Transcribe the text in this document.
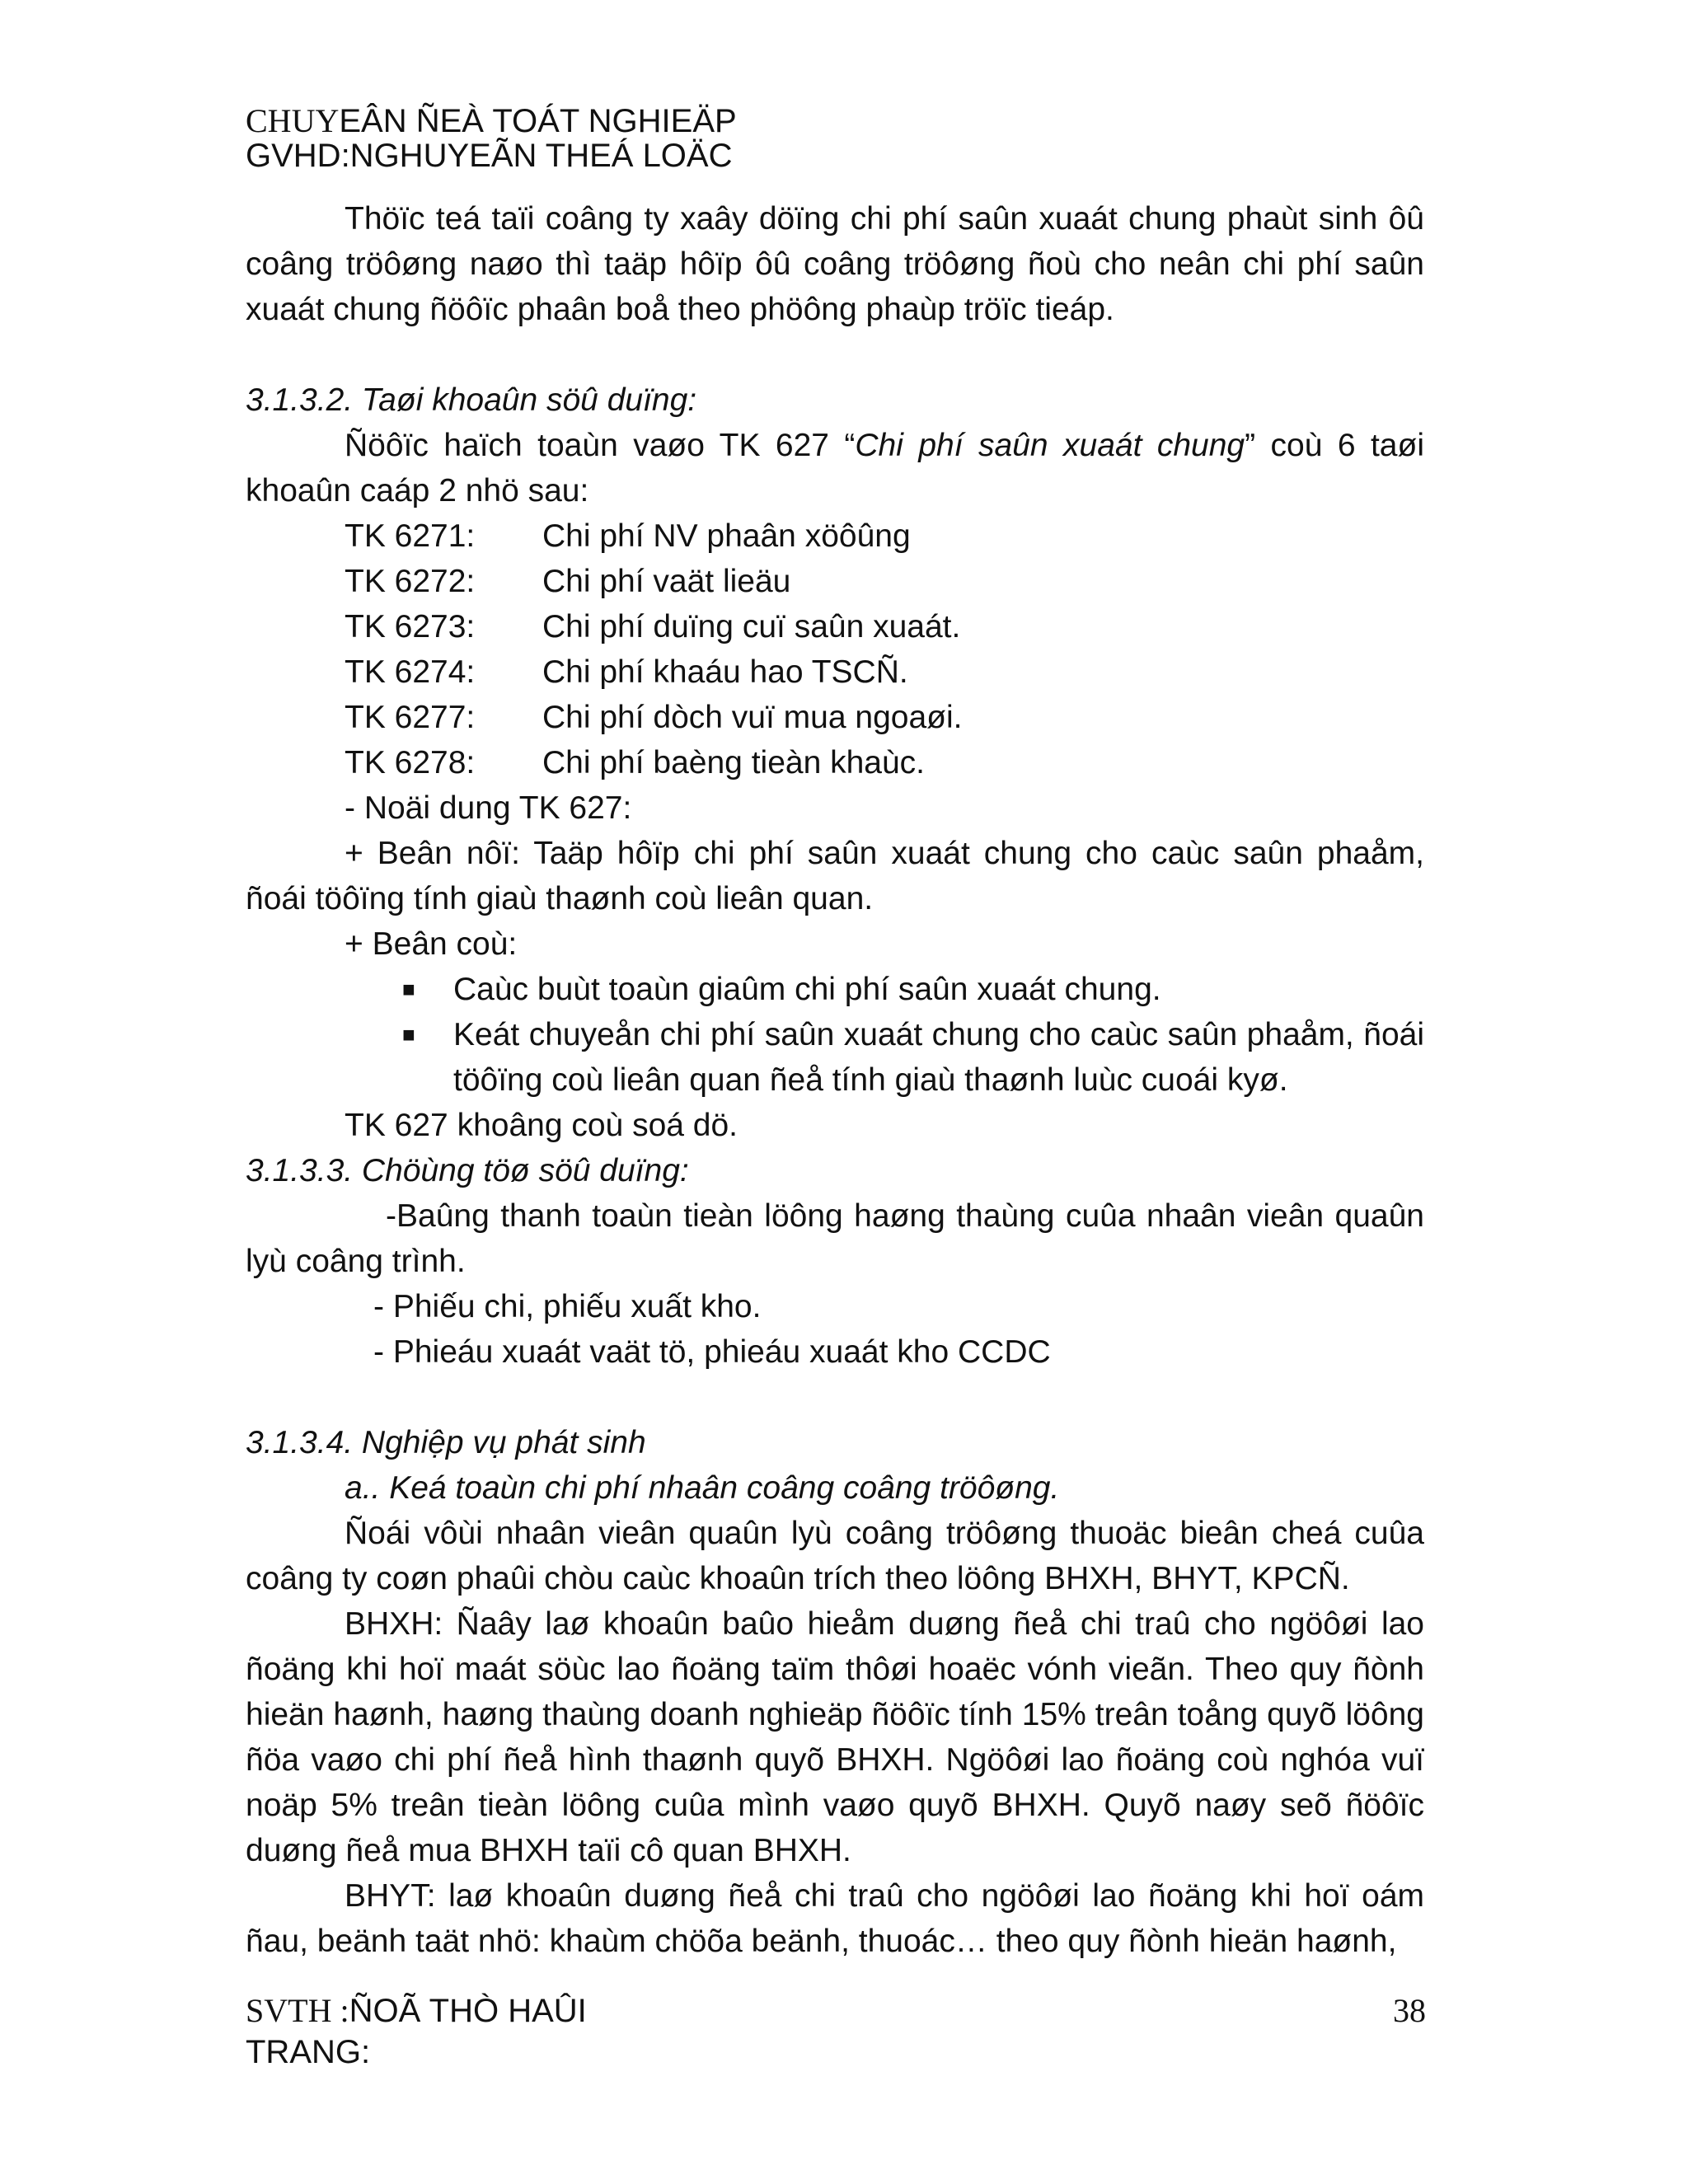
CHUYEÂN ÑEÀ TOÁT NGHIEÄP
GVHD:NGHUYEÃN THEÁ LOÄC

Thöïc teá taïi coâng ty xaây döïng chi phí saûn xuaát chung phaùt sinh ôû coâng tröôøng naøo thì taäp hôïp ôû coâng tröôøng ñoù cho neân chi phí saûn xuaát chung ñöôïc phaân boå theo phöông phaùp tröïc tieáp.

3.1.3.2. Taøi khoaûn söû duïng:

Ñöôïc haïch toaùn vaøo TK 627 “Chi phí saûn xuaát chung” coù 6 taøi khoaûn caáp 2 nhö sau:

TK 6271:	Chi phí NV phaân xöôûng
TK 6272:	Chi phí vaät lieäu
TK 6273:	Chi phí duïng cuï saûn xuaát.
TK 6274:	Chi phí khaáu hao TSCÑ.
TK 6277:	Chi phí dòch vuï mua ngoaøi.
TK 6278:	Chi phí baèng tieàn khaùc.

- Noäi dung TK 627:

+ Beân nôï: Taäp hôïp chi phí saûn xuaát chung cho caùc saûn phaåm, ñoái töôïng tính giaù thaønh coù lieân quan.

+ Beân coù:

■	Caùc buùt toaùn giaûm chi phí saûn xuaát chung.
■	Keát chuyeån chi phí saûn xuaát chung cho caùc saûn phaåm, ñoái töôïng coù lieân quan ñeå tính giaù thaønh luùc cuoái kyø.

TK 627 khoâng coù soá dö.

3.1.3.3. Chöùng töø söû duïng:

-Baûng thanh toaùn tieàn löông haøng thaùng cuûa nhaân vieân quaûn lyù coâng trình.

- Phiếu chi, phiếu xuất kho.

- Phieáu xuaát vaät tö, phieáu xuaát kho CCDC

3.1.3.4. Nghiệp vụ phát sinh

a.. Keá toaùn chi phí nhaân coâng coâng tröôøng.

Ñoái vôùi nhaân vieân quaûn lyù coâng tröôøng thuoäc bieân cheá cuûa coâng ty coøn phaûi chòu caùc khoaûn trích theo löông BHXH, BHYT, KPCÑ.

BHXH: Ñaây laø khoaûn baûo hieåm duøng ñeå chi traû cho ngöôøi lao ñoäng khi hoï maát söùc lao ñoäng taïm thôøi hoaëc vónh vieãn. Theo quy ñònh hieän haønh, haøng thaùng doanh nghieäp ñöôïc tính 15% treân toång quyõ löông ñöa vaøo chi phí ñeå hình thaønh quyõ BHXH. Ngöôøi lao ñoäng coù nghóa vuï noäp 5% treân tieàn löông cuûa mình vaøo quyõ BHXH. Quyõ naøy seõ ñöôïc duøng ñeå mua BHXH taïi cô quan BHXH.

BHYT: laø khoaûn duøng ñeå chi traû cho ngöôøi lao ñoäng khi hoï oám ñau, beänh taät nhö: khaùm chöõa beänh, thuoác… theo quy ñònh hieän haønh,

SVTH :ÑOÃ THÒ HAÛI
TRANG:
38
